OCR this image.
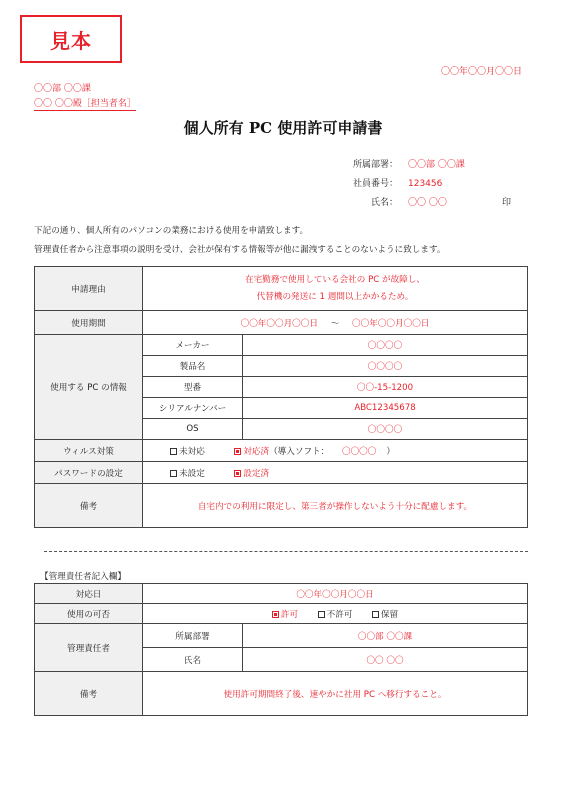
見本
〇〇年〇〇月〇〇日
〇〇部 〇〇課
〇〇 〇〇殿［担当者名］
個人所有 PC 使用許可申請書
所属部署： 〇〇部 〇〇課
社員番号： 123456
氏名： 〇〇 〇〇	印
下記の通り、個人所有のパソコンの業務における使用を申請致します。
管理責任者から注意事項の説明を受け、会社が保有する情報等が他に漏洩することのないように致します。
申請理由	在宅勤務で使用している会社の PC が故障し、
代替機の発送に 1 週間以上かかるため。	

使用期間	〇〇年〇〇月〇〇日 ～ 〇〇年〇〇月〇〇日	
使用する PC の情報	メーカー	〇〇〇〇
	製品名	〇〇〇〇
	型番	〇〇-15-1200
	シリアルナンバー	ABC12345678
	OS	〇〇〇〇
ウィルス対策	未対応 対応済（導入ソフト： 〇〇〇〇 ）	
パスワードの設定	未設定 設定済	
備考	自宅内での利用に限定し、第三者が操作しないよう十分に配慮します。	
【管理責任者記入欄】
対応日	〇〇年〇〇月〇〇日	
使用の可否	許可 不許可 保留	
管理責任者	所属部署	〇〇部 〇〇課
	氏名	〇〇 〇〇
備考	使用許可期間終了後、速やかに社用 PC へ移行すること。	
